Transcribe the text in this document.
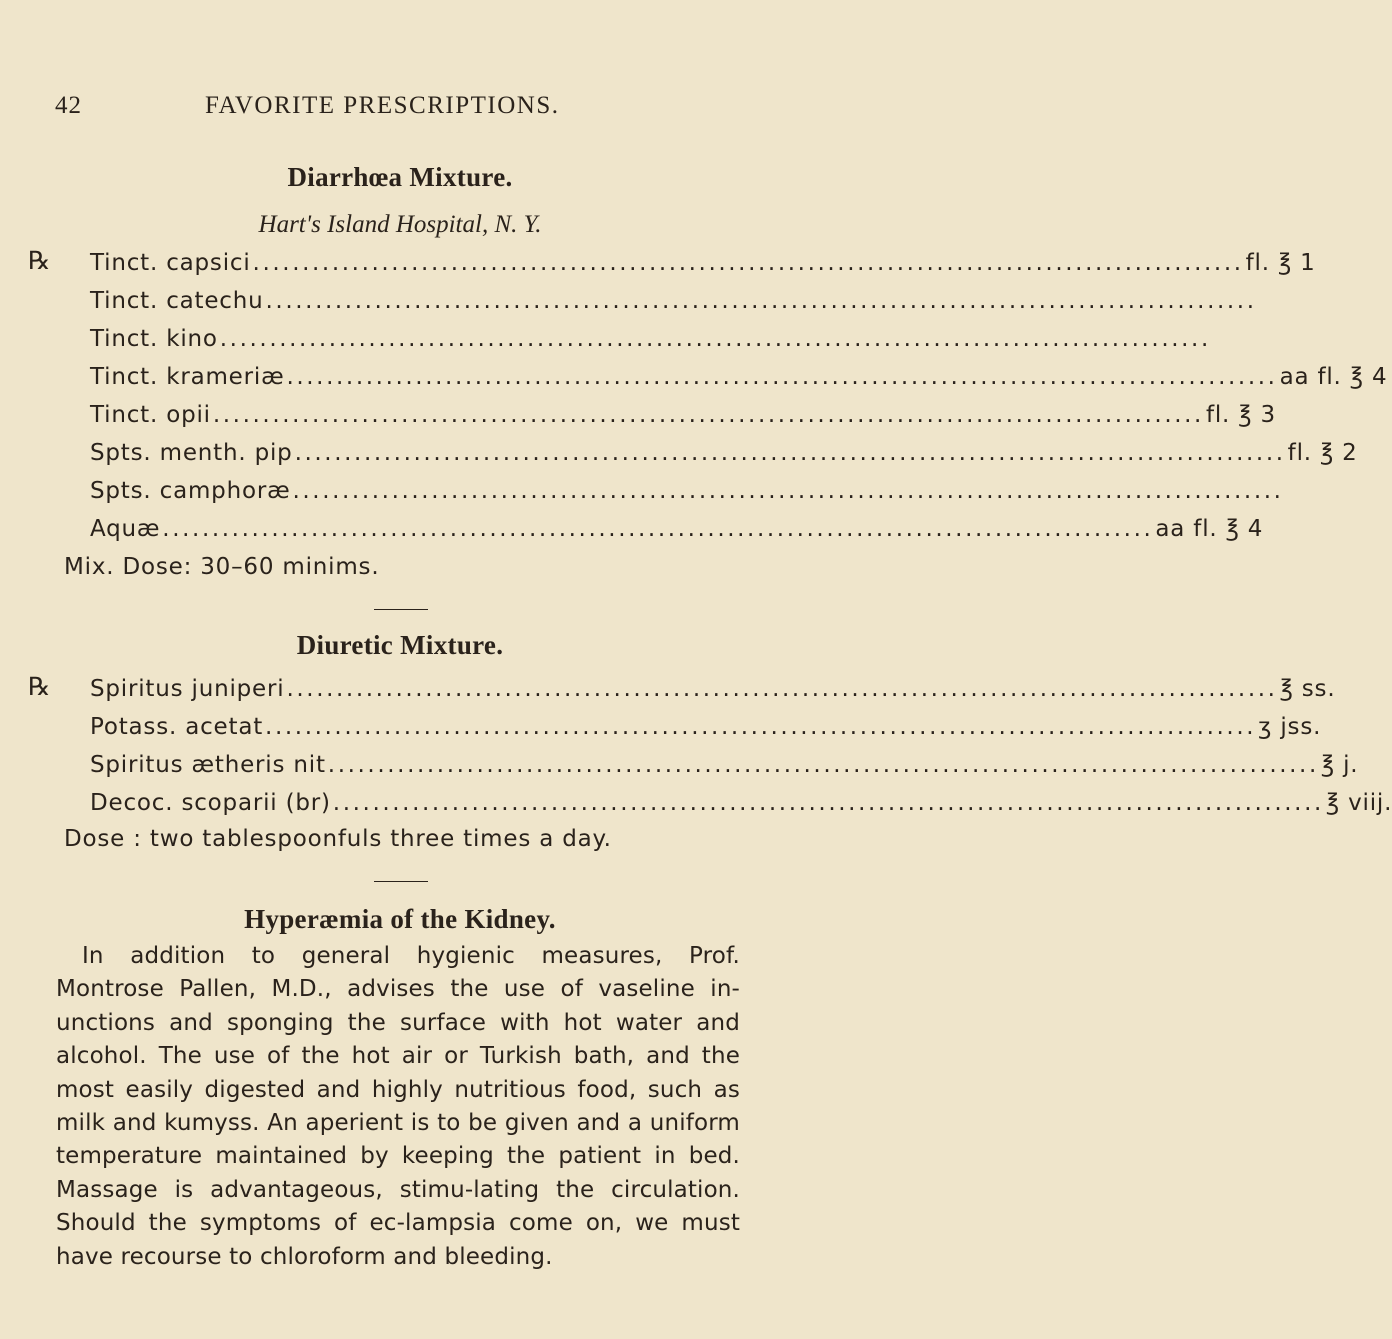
42	FAVORITE PRESCRIPTIONS.
Diarrhœa Mixture.
Hart's Island Hospital, N. Y.
Tinct. capsici .................................................................................................... fl. ℥ 1
℞
Tinct. catechu ....................................................................................................
Tinct. kino ....................................................................................................
Tinct. krameriæ .................................................................................................... aa fl. ℥ 4
Tinct. opii .................................................................................................... fl. ℥ 3
Spts. menth. pip .................................................................................................... fl. ℥ 2
Spts. camphoræ ....................................................................................................
Aquæ .................................................................................................... aa fl. ℥ 4
Mix. Dose: 30–60 minims.
Diuretic Mixture.
℞ Spiritus juniperi .................................................................................................... ℥ ss.
Potass. acetat .................................................................................................... ʒ jss.
Spiritus ætheris nit .................................................................................................... ℥ j.
Decoc. scoparii (br) .................................................................................................... ℥ viij.
Dose : two tablespoonfuls three times a day.
Hyperæmia of the Kidney.
In addition to general hygienic measures, Prof. Montrose Pallen, M.D., advises the use of vaseline in-unctions and sponging the surface with hot water and alcohol. The use of the hot air or Turkish bath, and the most easily digested and highly nutritious food, such as milk and kumyss. An aperient is to be given and a uniform temperature maintained by keeping the patient in bed. Massage is advantageous, stimu-lating the circulation. Should the symptoms of ec-lampsia come on, we must have recourse to chloroform and bleeding.
